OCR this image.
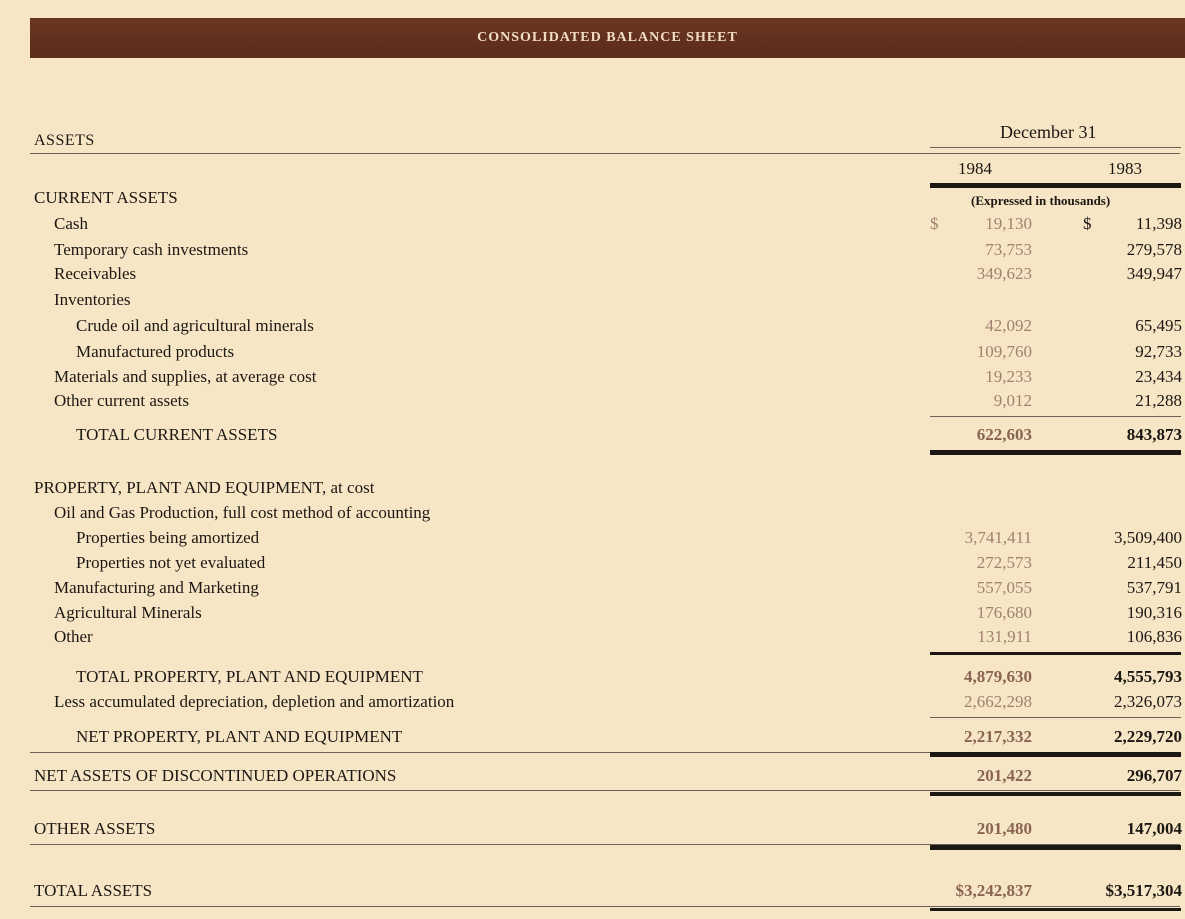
CONSOLIDATED BALANCE SHEET
December 31
ASSETS
1984	1983
(Expressed in thousands)
CURRENT ASSETS
Cash	$	19,130	$	11,398
Temporary cash investments	73,753	279,578
Receivables	349,623	349,947
Inventories
Crude oil and agricultural minerals	42,092	65,495
Manufactured products	109,760	92,733
Materials and supplies, at average cost	19,233	23,434
Other current assets	9,012	21,288
TOTAL CURRENT ASSETS	622,603	843,873
PROPERTY, PLANT AND EQUIPMENT, at cost
Oil and Gas Production, full cost method of accounting
Properties being amortized	3,741,411	3,509,400
Properties not yet evaluated	272,573	211,450
Manufacturing and Marketing	557,055	537,791
Agricultural Minerals	176,680	190,316
Other	131,911	106,836
TOTAL PROPERTY, PLANT AND EQUIPMENT	4,879,630	4,555,793
Less accumulated depreciation, depletion and amortization	2,662,298	2,326,073
NET PROPERTY, PLANT AND EQUIPMENT	2,217,332	2,229,720
NET ASSETS OF DISCONTINUED OPERATIONS	201,422	296,707
OTHER ASSETS	201,480	147,004
TOTAL ASSETS	$3,242,837	$3,517,304
